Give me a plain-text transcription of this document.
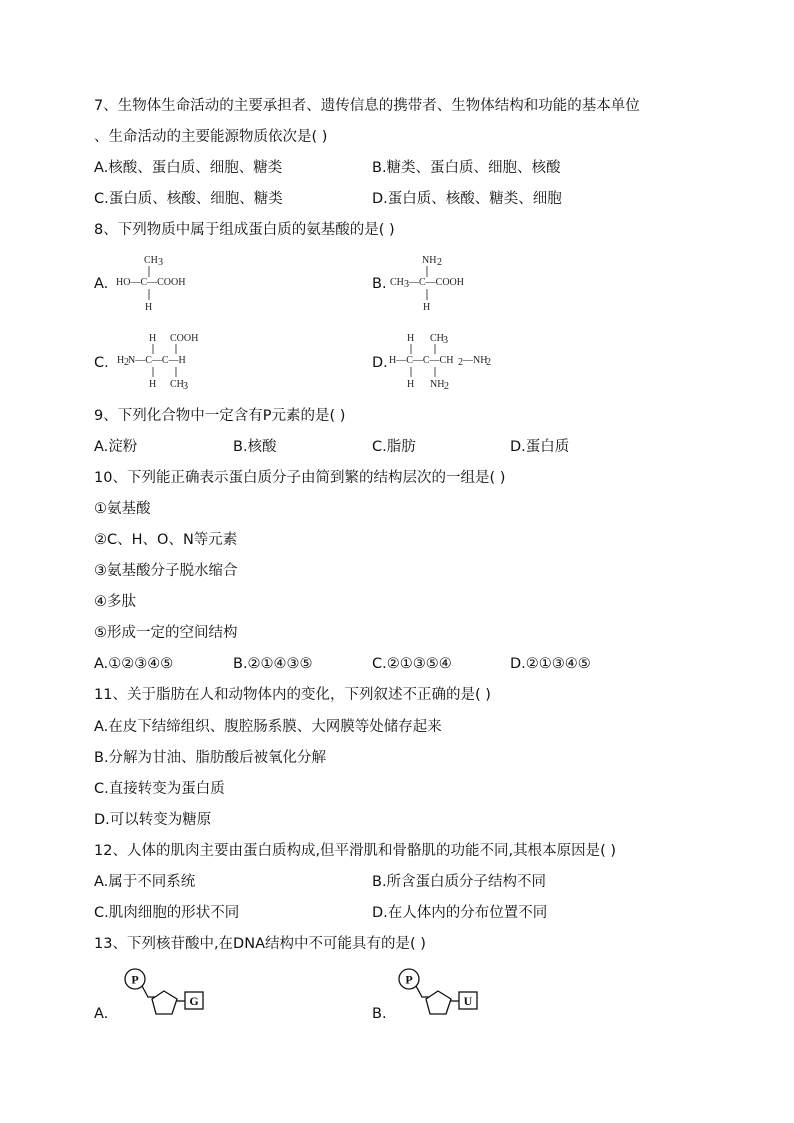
7、生物体生命活动的主要承担者、遗传信息的携带者、生物体结构和功能的基本单位
、生命活动的主要能源物质依次是( )
A.核酸、蛋白质、细胞、糖类	B.糖类、蛋白质、细胞、核酸
C.蛋白质、核酸、细胞、糖类	D.蛋白质、核酸、糖类、细胞
8、下列物质中属于组成蛋白质的氨基酸的是( )
A.
CH 3
HO—C—COOH
H
B.
NH 2
CH 3 —C—COOH
H
C.
H COOH
H 2 N—C—C—H
H CH 3
D.
H CH 3
H—C—C—CH 2 —NH
2
H NH 2
9、下列化合物中一定含有P元素的是( )
A.淀粉	B.核酸	C.脂肪	D.蛋白质
10、下列能正确表示蛋白质分子由简到繁的结构层次的一组是( )
①氨基酸
②C、H、O、N等元素
③氨基酸分子脱水缩合
④多肽
⑤形成一定的空间结构
A.①②③④⑤	B.②①④③⑤	C.②①③⑤④	D.②①③④⑤
11、关于脂肪在人和动物体内的变化，下列叙述不正确的是( )
A.在皮下结缔组织、腹腔肠系膜、大网膜等处储存起来
B.分解为甘油、脂肪酸后被氧化分解
C.直接转变为蛋白质
D.可以转变为糖原
12、人体的肌肉主要由蛋白质构成,但平滑肌和骨骼肌的功能不同,其根本原因是( )
A.属于不同系统	B.所含蛋白质分子结构不同
C.肌肉细胞的形状不同	D.在人体内的分布位置不同
13、下列核苷酸中,在DNA结构中不可能具有的是( )
A.
P
G
B.
P
U
